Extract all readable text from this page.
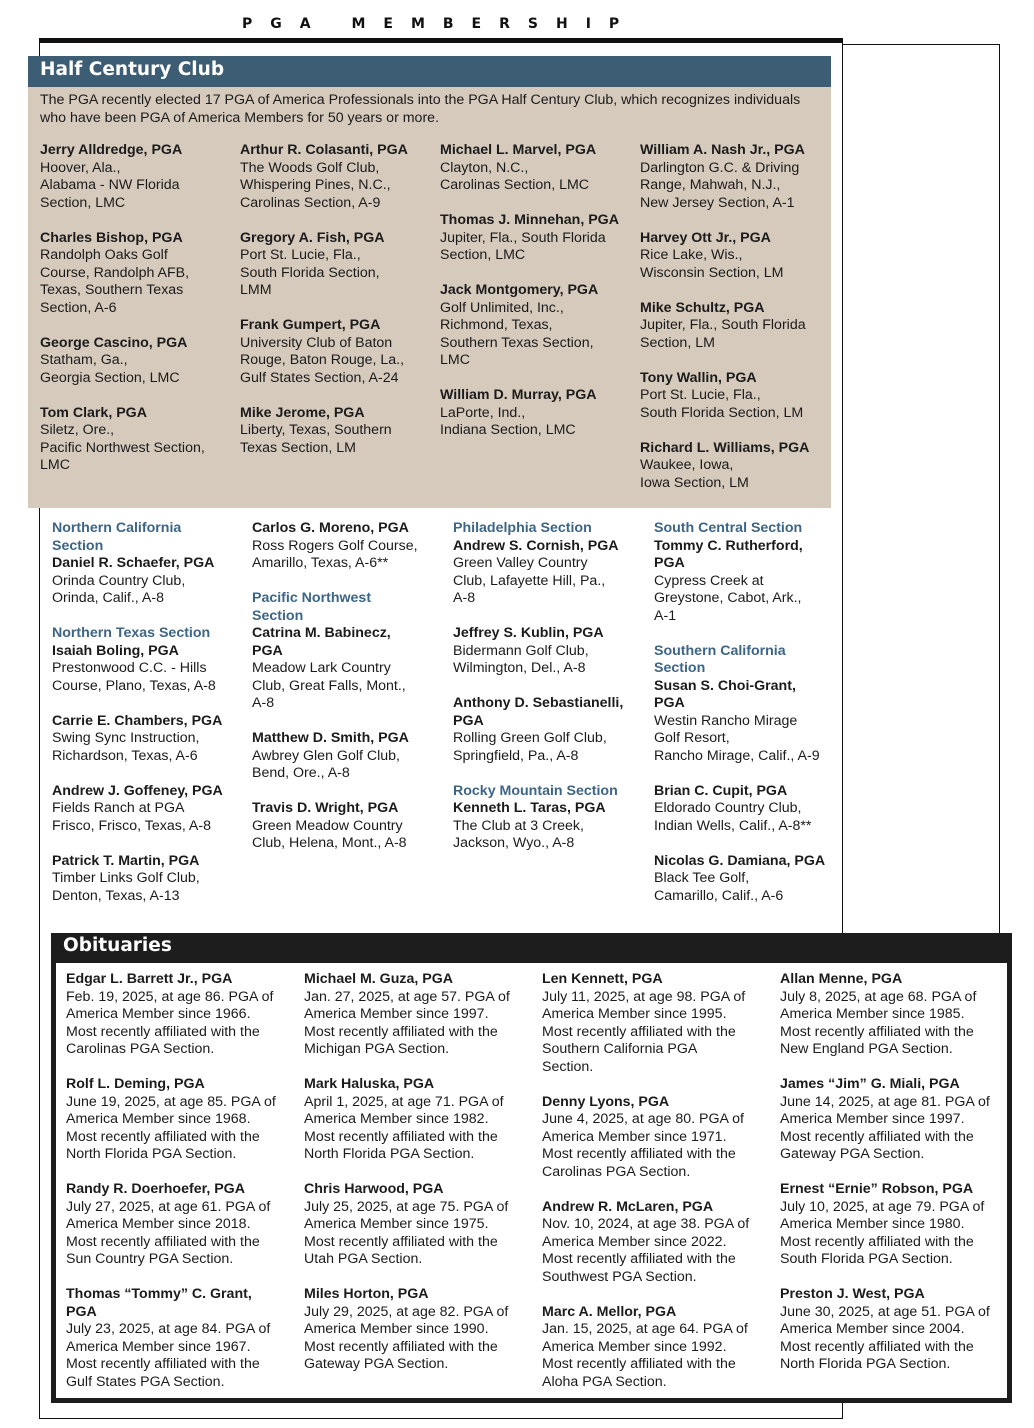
PGA MEMBERSHIP
Half Century Club

The PGA recently elected 17 PGA of America Professionals into the PGA Half Century Club, which recognizes individuals who have been PGA of America Members for 50 years or more.

Jerry Alldredge, PGA
Hoover, Ala.,
Alabama - NW Florida
Section, LMC

Charles Bishop, PGA
Randolph Oaks Golf
Course, Randolph AFB,
Texas, Southern Texas
Section, A-6

George Cascino, PGA
Statham, Ga.,
Georgia Section, LMC

Tom Clark, PGA
Siletz, Ore.,
Pacific Northwest Section,
LMC

Arthur R. Colasanti, PGA
The Woods Golf Club,
Whispering Pines, N.C.,
Carolinas Section, A-9

Gregory A. Fish, PGA
Port St. Lucie, Fla.,
South Florida Section,
LMM

Frank Gumpert, PGA
University Club of Baton
Rouge, Baton Rouge, La.,
Gulf States Section, A-24

Mike Jerome, PGA
Liberty, Texas, Southern
Texas Section, LM

Michael L. Marvel, PGA
Clayton, N.C.,
Carolinas Section, LMC

Thomas J. Minnehan, PGA
Jupiter, Fla., South Florida
Section, LMC

Jack Montgomery, PGA
Golf Unlimited, Inc.,
Richmond, Texas,
Southern Texas Section,
LMC

William D. Murray, PGA
LaPorte, Ind.,
Indiana Section, LMC

William A. Nash Jr., PGA
Darlington G.C. & Driving
Range, Mahwah, N.J.,
New Jersey Section, A-1

Harvey Ott Jr., PGA
Rice Lake, Wis.,
Wisconsin Section, LM

Mike Schultz, PGA
Jupiter, Fla., South Florida
Section, LM

Tony Wallin, PGA
Port St. Lucie, Fla.,
South Florida Section, LM

Richard L. Williams, PGA
Waukee, Iowa,
Iowa Section, LM

Northern California
Section
Daniel R. Schaefer, PGA
Orinda Country Club,
Orinda, Calif., A-8

Northern Texas Section
Isaiah Boling, PGA
Prestonwood C.C. - Hills
Course, Plano, Texas, A-8

Carrie E. Chambers, PGA
Swing Sync Instruction,
Richardson, Texas, A-6

Andrew J. Goffeney, PGA
Fields Ranch at PGA
Frisco, Frisco, Texas, A-8

Patrick T. Martin, PGA
Timber Links Golf Club,
Denton, Texas, A-13

Carlos G. Moreno, PGA
Ross Rogers Golf Course,
Amarillo, Texas, A-6**

Pacific Northwest
Section
Catrina M. Babinecz,
PGA
Meadow Lark Country
Club, Great Falls, Mont.,
A-8

Matthew D. Smith, PGA
Awbrey Glen Golf Club,
Bend, Ore., A-8

Travis D. Wright, PGA
Green Meadow Country
Club, Helena, Mont., A-8

Philadelphia Section
Andrew S. Cornish, PGA
Green Valley Country
Club, Lafayette Hill, Pa.,
A-8

Jeffrey S. Kublin, PGA
Bidermann Golf Club,
Wilmington, Del., A-8

Anthony D. Sebastianelli,
PGA
Rolling Green Golf Club,
Springfield, Pa., A-8

Rocky Mountain Section
Kenneth L. Taras, PGA
The Club at 3 Creek,
Jackson, Wyo., A-8

South Central Section
Tommy C. Rutherford,
PGA
Cypress Creek at
Greystone, Cabot, Ark.,
A-1

Southern California
Section
Susan S. Choi-Grant,
PGA
Westin Rancho Mirage
Golf Resort,
Rancho Mirage, Calif., A-9

Brian C. Cupit, PGA
Eldorado Country Club,
Indian Wells, Calif., A-8**

Nicolas G. Damiana, PGA
Black Tee Golf,
Camarillo, Calif., A-6

Obituaries

Edgar L. Barrett Jr., PGA
Feb. 19, 2025, at age 86. PGA of
America Member since 1966.
Most recently affiliated with the
Carolinas PGA Section.

Rolf L. Deming, PGA
June 19, 2025, at age 85. PGA of
America Member since 1968.
Most recently affiliated with the
North Florida PGA Section.

Randy R. Doerhoefer, PGA
July 27, 2025, at age 61. PGA of
America Member since 2018.
Most recently affiliated with the
Sun Country PGA Section.

Thomas “Tommy” C. Grant,
PGA
July 23, 2025, at age 84. PGA of
America Member since 1967.
Most recently affiliated with the
Gulf States PGA Section.

Michael M. Guza, PGA
Jan. 27, 2025, at age 57. PGA of
America Member since 1997.
Most recently affiliated with the
Michigan PGA Section.

Mark Haluska, PGA
April 1, 2025, at age 71. PGA of
America Member since 1982.
Most recently affiliated with the
North Florida PGA Section.

Chris Harwood, PGA
July 25, 2025, at age 75. PGA of
America Member since 1975.
Most recently affiliated with the
Utah PGA Section.

Miles Horton, PGA
July 29, 2025, at age 82. PGA of
America Member since 1990.
Most recently affiliated with the
Gateway PGA Section.

Len Kennett, PGA
July 11, 2025, at age 98. PGA of
America Member since 1995.
Most recently affiliated with the
Southern California PGA
Section.

Denny Lyons, PGA
June 4, 2025, at age 80. PGA of
America Member since 1971.
Most recently affiliated with the
Carolinas PGA Section.

Andrew R. McLaren, PGA
Nov. 10, 2024, at age 38. PGA of
America Member since 2022.
Most recently affiliated with the
Southwest PGA Section.

Marc A. Mellor, PGA
Jan. 15, 2025, at age 64. PGA of
America Member since 1992.
Most recently affiliated with the
Aloha PGA Section.

Allan Menne, PGA
July 8, 2025, at age 68. PGA of
America Member since 1985.
Most recently affiliated with the
New England PGA Section.

James “Jim” G. Miali, PGA
June 14, 2025, at age 81. PGA of
America Member since 1997.
Most recently affiliated with the
Gateway PGA Section.

Ernest “Ernie” Robson, PGA
July 10, 2025, at age 79. PGA of
America Member since 1980.
Most recently affiliated with the
South Florida PGA Section.

Preston J. West, PGA
June 30, 2025, at age 51. PGA of
America Member since 2004.
Most recently affiliated with the
North Florida PGA Section.
